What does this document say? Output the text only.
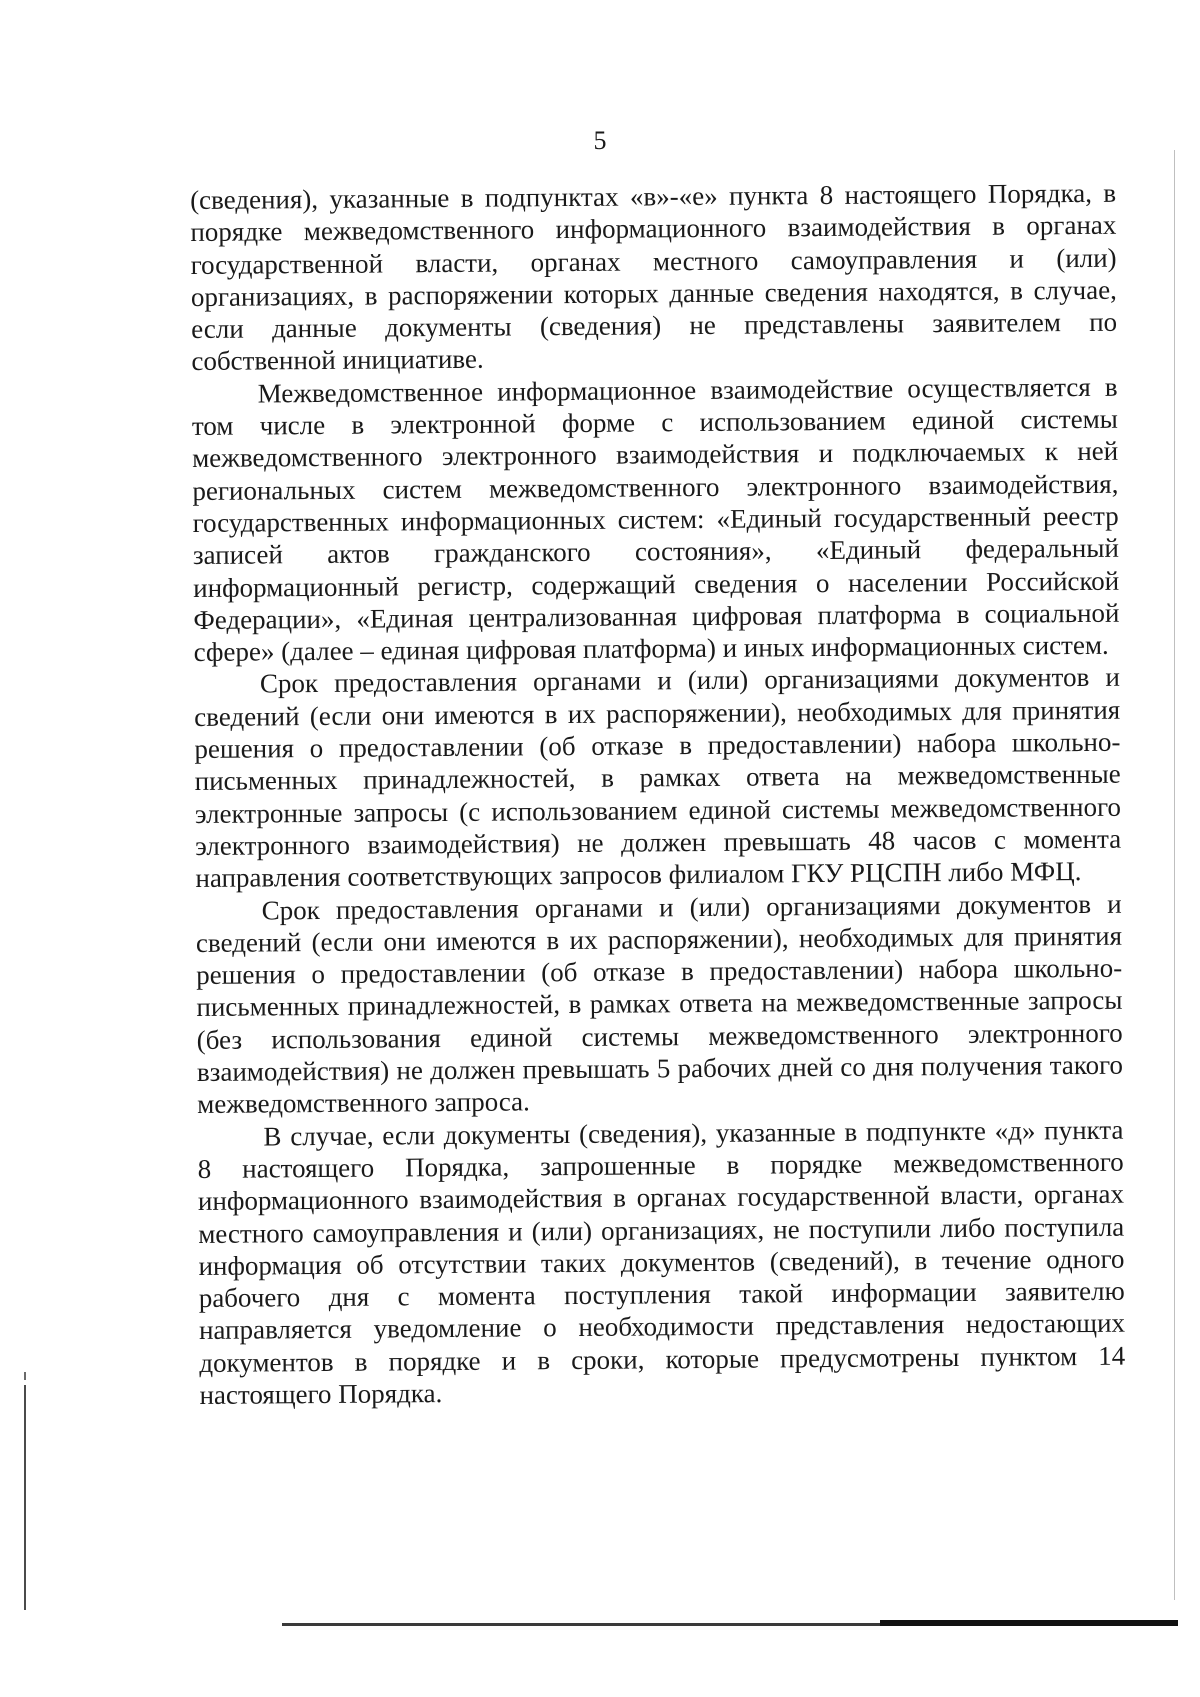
5

(сведения), указанные в подпунктах «в»-«е» пункта 8 настоящего Порядка, в порядке межведомственного информационного взаимодействия в органах государственной власти, органах местного самоуправления и (или) организациях, в распоряжении которых данные сведения находятся, в случае, если данные документы (сведения) не представлены заявителем по собственной инициативе.

Межведомственное информационное взаимодействие осуществляется в том числе в электронной форме с использованием единой системы межведомственного электронного взаимодействия и подключаемых к ней региональных систем межведомственного электронного взаимодействия, государственных информационных систем: «Единый государственный реестр записей актов гражданского состояния», «Единый федеральный информационный регистр, содержащий сведения о населении Российской Федерации», «Единая централизованная цифровая платформа в социальной сфере» (далее – единая цифровая платформа) и иных информационных систем.

Срок предоставления органами и (или) организациями документов и сведений (если они имеются в их распоряжении), необходимых для принятия решения о предоставлении (об отказе в предоставлении) набора школьно-письменных принадлежностей, в рамках ответа на межведомственные электронные запросы (с использованием единой системы межведомственного электронного взаимодействия) не должен превышать 48 часов с момента направления соответствующих запросов филиалом ГКУ РЦСПН либо МФЦ.

Срок предоставления органами и (или) организациями документов и сведений (если они имеются в их распоряжении), необходимых для принятия решения о предоставлении (об отказе в предоставлении) набора школьно-письменных принадлежностей, в рамках ответа на межведомственные запросы (без использования единой системы межведомственного электронного взаимодействия) не должен превышать 5 рабочих дней со дня получения такого межведомственного запроса.

В случае, если документы (сведения), указанные в подпункте «д» пункта 8 настоящего Порядка, запрошенные в порядке межведомственного информационного взаимодействия в органах государственной власти, органах местного самоуправления и (или) организациях, не поступили либо поступила информация об отсутствии таких документов (сведений), в течение одного рабочего дня с момента поступления такой информации заявителю направляется уведомление о необходимости представления недостающих документов в порядке и в сроки, которые предусмотрены пунктом 14 настоящего Порядка.
